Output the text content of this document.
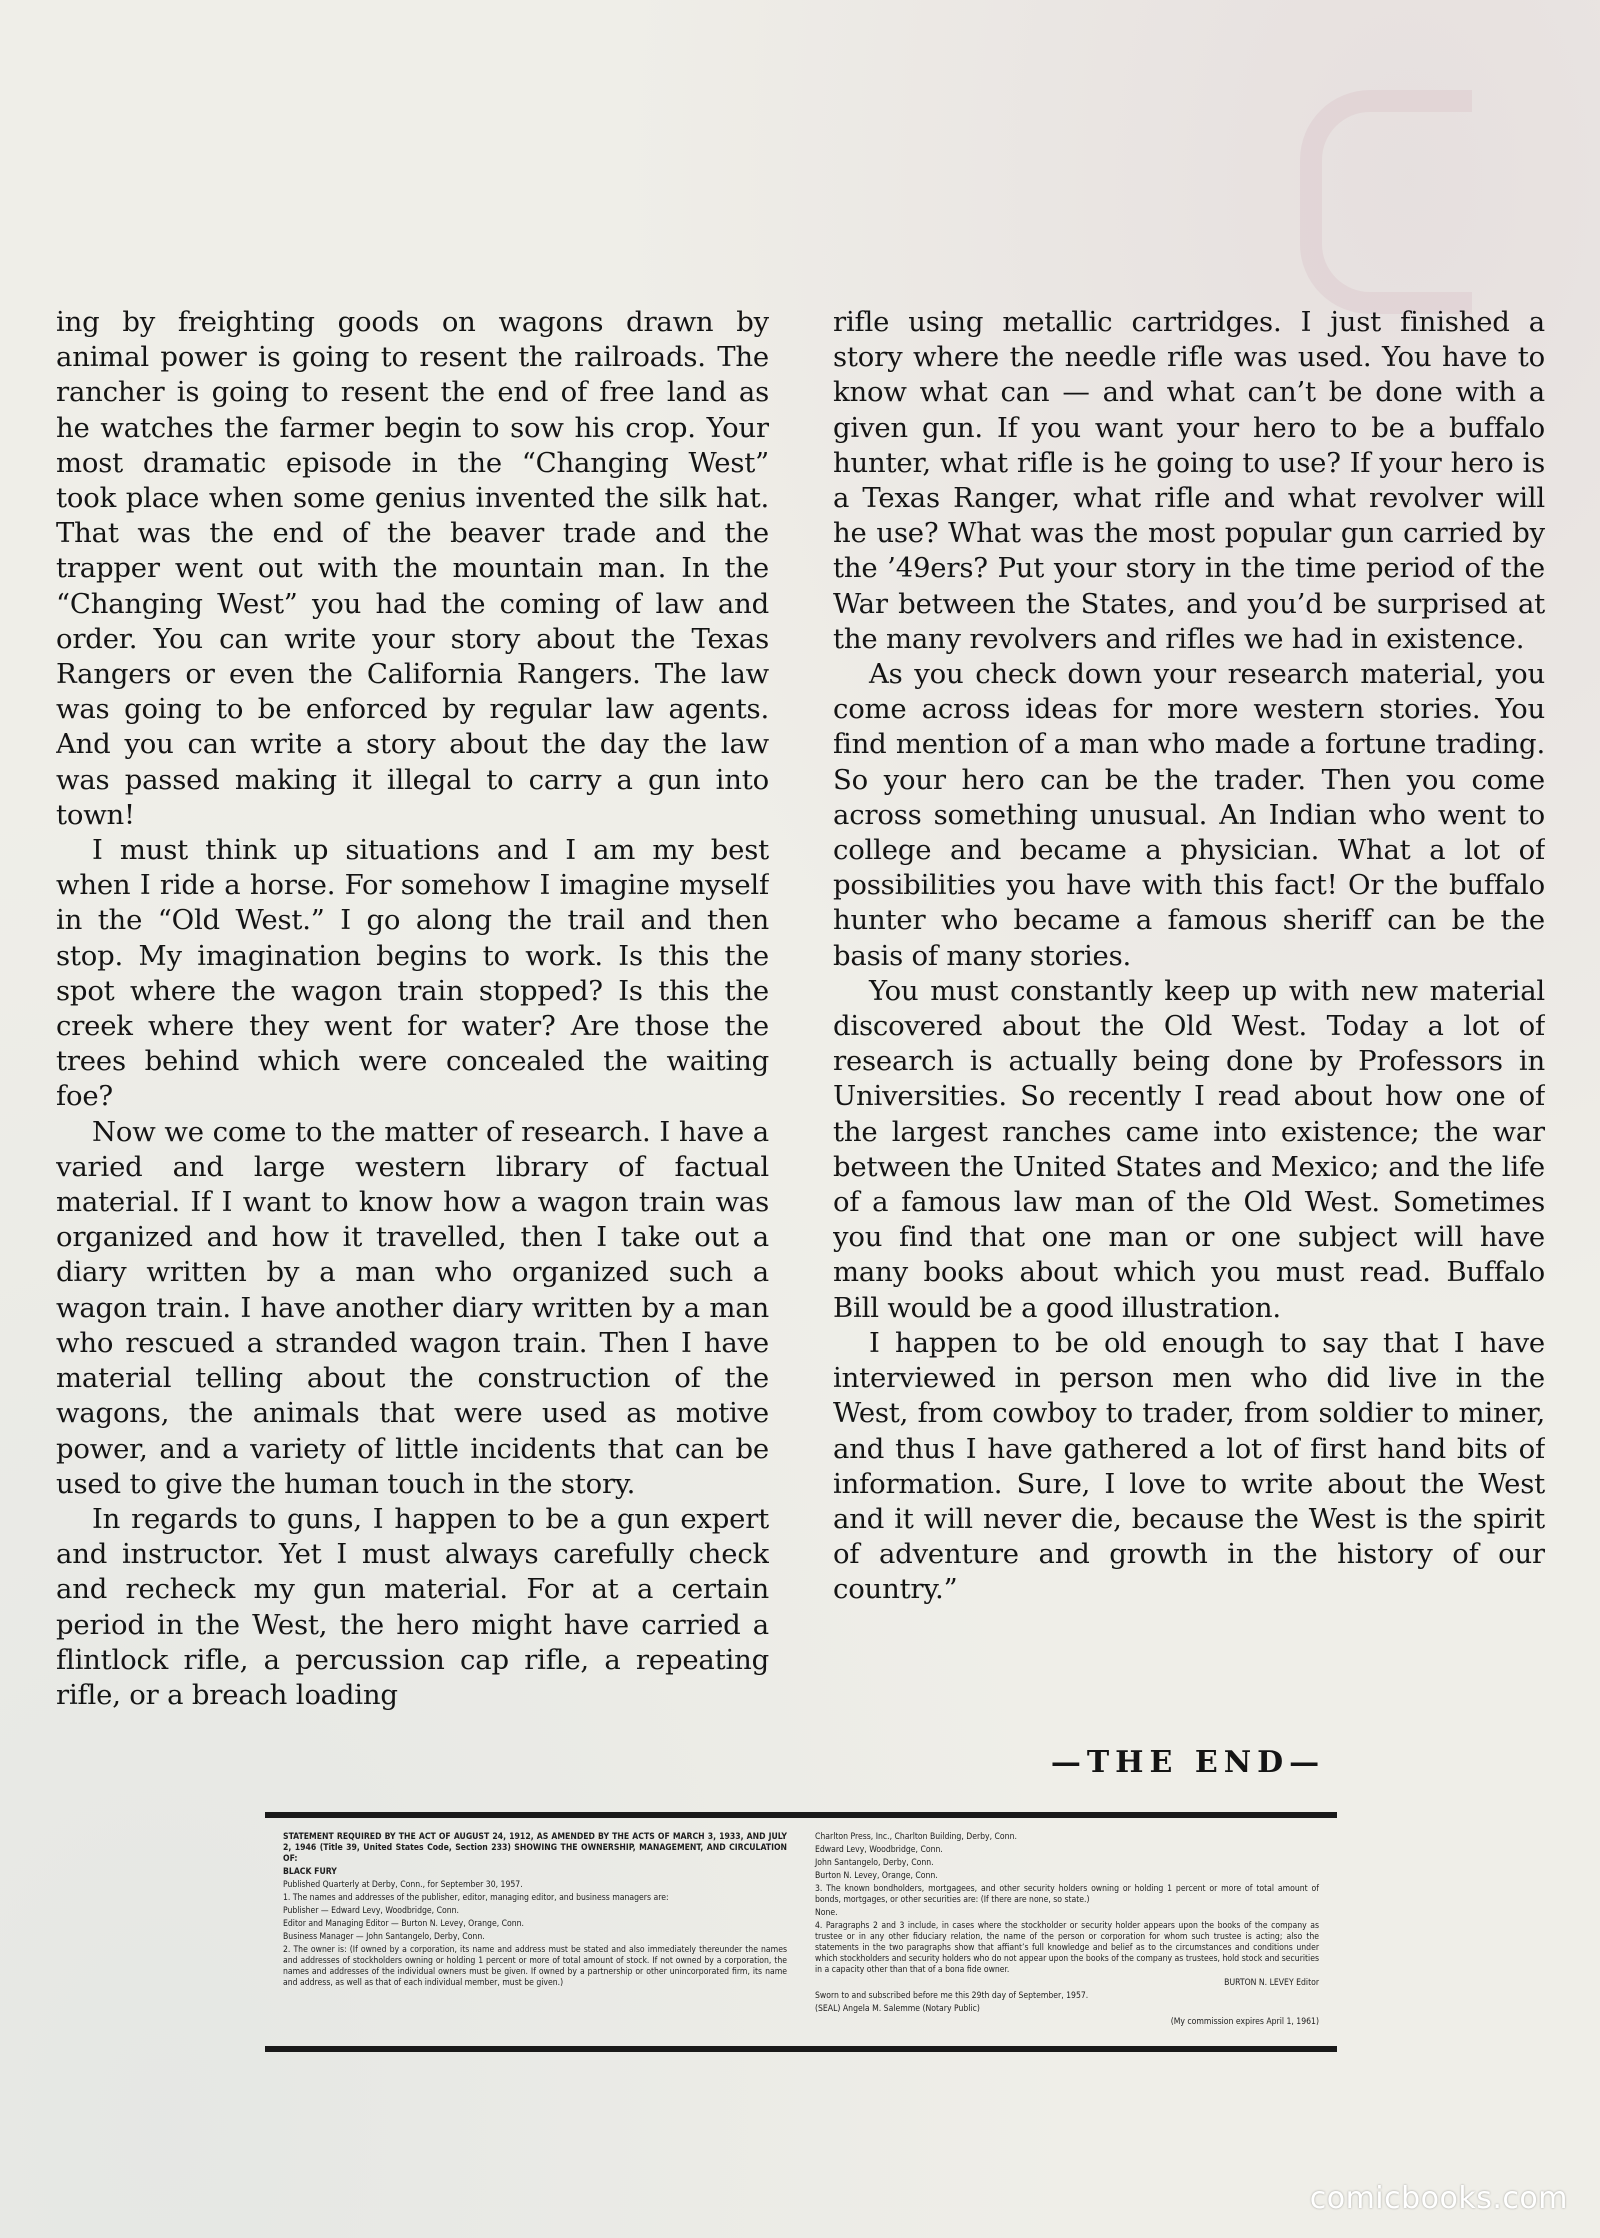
ing by freighting goods on wagons drawn by animal power is going to resent the railroads. The rancher is going to resent the end of free land as he watches the farmer begin to sow his crop. Your most dramatic episode in the “Changing West” took place when some genius invented the silk hat. That was the end of the beaver trade and the trapper went out with the mountain man. In the “Changing West” you had the coming of law and order. You can write your story about the Texas Rangers or even the California Rangers. The law was going to be enforced by regular law agents. And you can write a story about the day the law was passed making it illegal to carry a gun into town!

I must think up situations and I am my best when I ride a horse. For somehow I imagine myself in the “Old West.” I go along the trail and then stop. My imagination begins to work. Is this the spot where the wagon train stopped? Is this the creek where they went for water? Are those the trees behind which were concealed the waiting foe?

Now we come to the matter of research. I have a varied and large western library of factual material. If I want to know how a wagon train was organized and how it travelled, then I take out a diary written by a man who organized such a wagon train. I have another diary written by a man who rescued a stranded wagon train. Then I have material telling about the construction of the wagons, the animals that were used as motive power, and a variety of little incidents that can be used to give the human touch in the story.

In regards to guns, I happen to be a gun expert and instructor. Yet I must always carefully check and recheck my gun material. For at a certain period in the West, the hero might have carried a flintlock rifle, a percussion cap rifle, a repeating rifle, or a breach loading

rifle using metallic cartridges. I just finished a story where the needle rifle was used. You have to know what can — and what can’t be done with a given gun. If you want your hero to be a buffalo hunter, what rifle is he going to use? If your hero is a Texas Ranger, what rifle and what revolver will he use? What was the most popular gun carried by the ’49ers? Put your story in the time period of the War between the States, and you’d be surprised at the many revolvers and rifles we had in existence.

As you check down your research material, you come across ideas for more western stories. You find mention of a man who made a fortune trading. So your hero can be the trader. Then you come across something unusual. An Indian who went to college and became a physician. What a lot of possibilities you have with this fact! Or the buffalo hunter who became a famous sheriff can be the basis of many stories.

You must constantly keep up with new material discovered about the Old West. Today a lot of research is actually being done by Professors in Universities. So recently I read about how one of the largest ranches came into existence; the war between the United States and Mexico; and the life of a famous law man of the Old West. Sometimes you find that one man or one subject will have many books about which you must read. Buffalo Bill would be a good illustration.

I happen to be old enough to say that I have interviewed in person men who did live in the West, from cowboy to trader, from soldier to miner, and thus I have gathered a lot of first hand bits of information. Sure, I love to write about the West and it will never die, because the West is the spirit of adventure and growth in the history of our country.”

—THE END—

STATEMENT REQUIRED BY THE ACT OF AUGUST 24, 1912, AS AMENDED BY THE ACTS OF MARCH 3, 1933, AND JULY 2, 1946 (Title 39, United States Code, Section 233) SHOWING THE OWNERSHIP, MANAGEMENT, AND CIRCULATION OF:

BLACK FURY

Published Quarterly at Derby, Conn., for September 30, 1957.

1. The names and addresses of the publisher, editor, managing editor, and business managers are:

Publisher — Edward Levy, Woodbridge, Conn.

Editor and Managing Editor — Burton N. Levey, Orange, Conn.

Business Manager — John Santangelo, Derby, Conn.

2. The owner is: (If owned by a corporation, its name and address must be stated and also immediately thereunder the names and addresses of stockholders owning or holding 1 percent or more of total amount of stock. If not owned by a corporation, the names and addresses of the individual owners must be given. If owned by a partnership or other unincorporated firm, its name and address, as well as that of each individual member, must be given.)

Charlton Press, Inc., Charlton Building, Derby, Conn.

Edward Levy, Woodbridge, Conn.

John Santangelo, Derby, Conn.

Burton N. Levey, Orange, Conn.

3. The known bondholders, mortgagees, and other security holders owning or holding 1 percent or more of total amount of bonds, mortgages, or other securities are: (If there are none, so state.)

None.

4. Paragraphs 2 and 3 include, in cases where the stockholder or security holder appears upon the books of the company as trustee or in any other fiduciary relation, the name of the person or corporation for whom such trustee is acting; also the statements in the two paragraphs show that affiant’s full knowledge and belief as to the circumstances and conditions under which stockholders and security holders who do not appear upon the books of the company as trustees, hold stock and securities in a capacity other than that of a bona fide owner.

BURTON N. LEVEY Editor

Sworn to and subscribed before me this 29th day of September, 1957.

(SEAL) Angela M. Salemme (Notary Public)

(My commission expires April 1, 1961)

comicbooks.com
